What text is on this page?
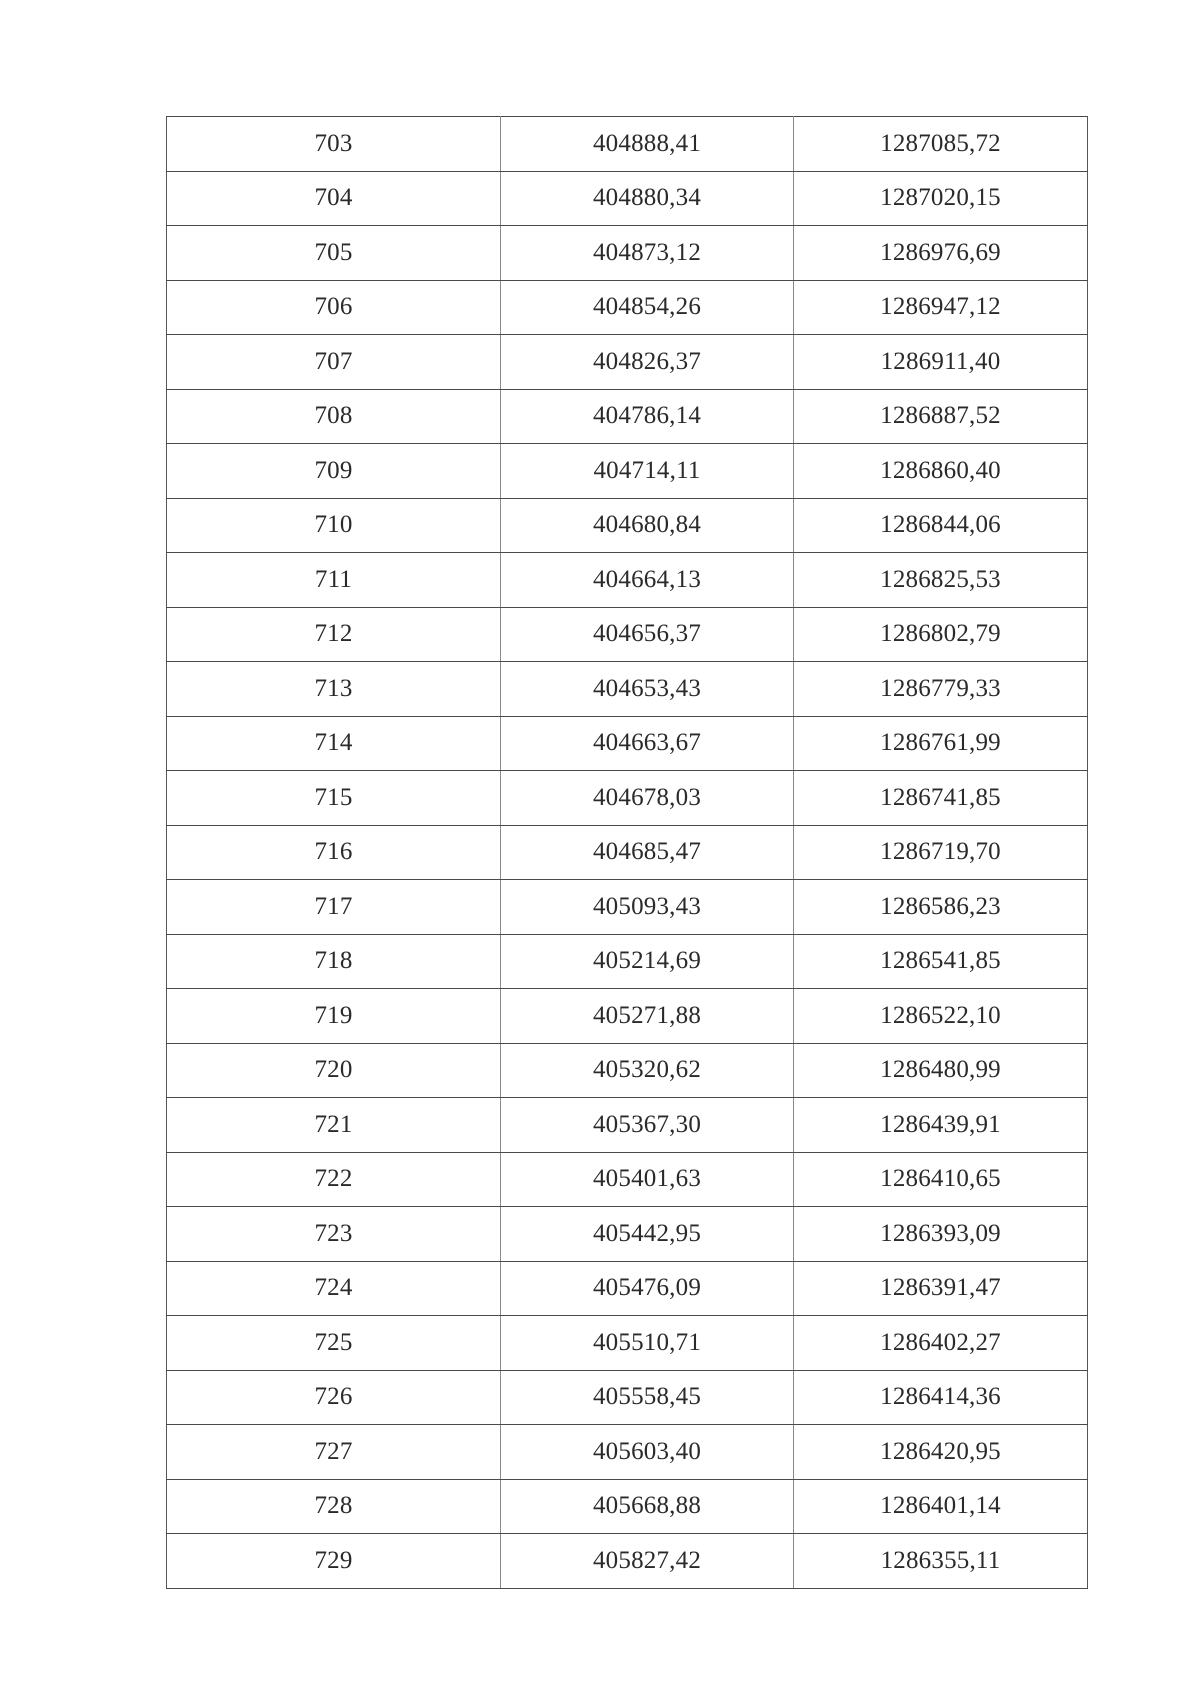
703	404888,41	1287085,72
704	404880,34	1287020,15
705	404873,12	1286976,69
706	404854,26	1286947,12
707	404826,37	1286911,40
708	404786,14	1286887,52
709	404714,11	1286860,40
710	404680,84	1286844,06
711	404664,13	1286825,53
712	404656,37	1286802,79
713	404653,43	1286779,33
714	404663,67	1286761,99
715	404678,03	1286741,85
716	404685,47	1286719,70
717	405093,43	1286586,23
718	405214,69	1286541,85
719	405271,88	1286522,10
720	405320,62	1286480,99
721	405367,30	1286439,91
722	405401,63	1286410,65
723	405442,95	1286393,09
724	405476,09	1286391,47
725	405510,71	1286402,27
726	405558,45	1286414,36
727	405603,40	1286420,95
728	405668,88	1286401,14
729	405827,42	1286355,11
